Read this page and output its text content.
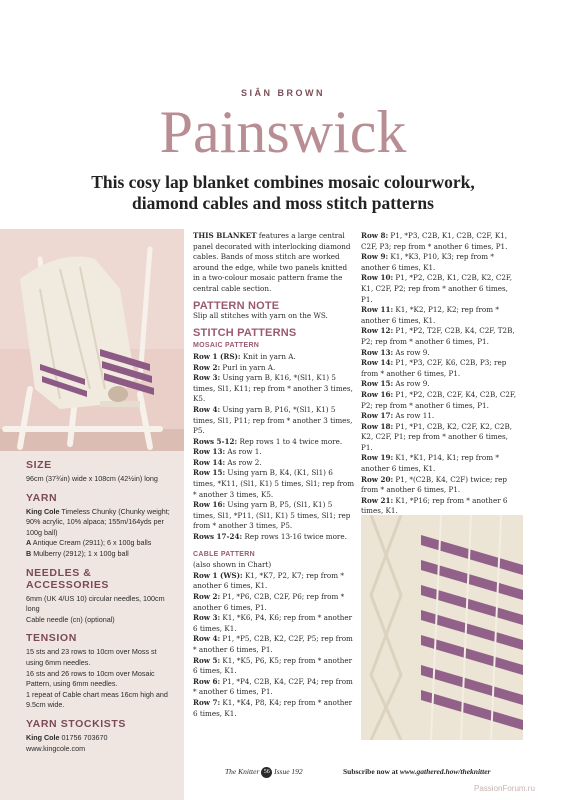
SIÂN BROWN
Painswick
This cosy lap blanket combines mosaic colourwork, diamond cables and moss stitch patterns
SIZE
96cm (37¾in) wide x 108cm (42½in) long
YARN
King Cole Timeless Chunky (Chunky weight; 90% acrylic, 10% alpaca; 155m/164yds per 100g ball)
A Antique Cream (2911); 6 x 100g balls
B Mulberry (2912); 1 x 100g ball
NEEDLES & ACCESSORIES
6mm (UK 4/US 10) circular needles, 100cm long
Cable needle (cn) (optional)
TENSION
15 sts and 23 rows to 10cm over Moss st using 6mm needles.
16 sts and 26 rows to 10cm over Mosaic Pattern, using 6mm needles.
1 repeat of Cable chart meas 16cm high and 9.5cm wide.
YARN STOCKISTS
King Cole 01756 703670
www.kingcole.com

THIS BLANKET features a large central panel decorated with interlocking diamond cables. Bands of moss stitch are worked around the edge, while two panels knitted in a two-colour mosaic pattern frame the central cable section.

PATTERN NOTE

Slip all stitches with yarn on the WS.

STITCH PATTERNS
MOSAIC PATTERN

Row 1 (RS): Knit in yarn A.

Row 2: Purl in yarn A.

Row 3: Using yarn B, K16, *(Sl1, K1) 5 times, Sl1, K11; rep from * another 3 times, K5.

Row 4: Using yarn B, P16, *(Sl1, K1) 5 times, Sl1, P11; rep from * another 3 times, P5.

Rows 5-12: Rep rows 1 to 4 twice more.

Row 13: As row 1.

Row 14: As row 2.

Row 15: Using yarn B, K4, (K1, Sl1) 6 times, *K11, (Sl1, K1) 5 times, Sl1; rep from * another 3 times, K5.

Row 16: Using yarn B, P5, (Sl1, K1) 5 times, Sl1, *P11, (Sl1, K1) 5 times, Sl1; rep from * another 3 times, P5.

Rows 17-24: Rep rows 13-16 twice more.

CABLE PATTERN

(also shown in Chart)

Row 1 (WS): K1, *K7, P2, K7; rep from * another 6 times, K1.

Row 2: P1, *P6, C2B, C2F, P6; rep from * another 6 times, P1.

Row 3: K1, *K6, P4, K6; rep from * another 6 times, K1.

Row 4: P1, *P5, C2B, K2, C2F, P5; rep from * another 6 times, P1.

Row 5: K1, *K5, P6, K5; rep from * another 6 times, K1.

Row 6: P1, *P4, C2B, K4, C2F, P4; rep from * another 6 times, P1.

Row 7: K1, *K4, P8, K4; rep from * another 6 times, K1.

Row 8: P1, *P3, C2B, K1, C2B, C2F, K1, C2F, P3; rep from * another 6 times, P1.

Row 9: K1, *K3, P10, K3; rep from * another 6 times, K1.

Row 10: P1, *P2, C2B, K1, C2B, K2, C2F, K1, C2F, P2; rep from * another 6 times, P1.

Row 11: K1, *K2, P12, K2; rep from * another 6 times, K1.

Row 12: P1, *P2, T2F, C2B, K4, C2F, T2B, P2; rep from * another 6 times, P1.

Row 13: As row 9.

Row 14: P1, *P3, C2F, K6, C2B, P3; rep from * another 6 times, P1.

Row 15: As row 9.

Row 16: P1, *P2, C2B, C2F, K4, C2B, C2F, P2; rep from * another 6 times, P1.

Row 17: As row 11.

Row 18: P1, *P1, C2B, K2, C2F, K2, C2B, K2, C2F, P1; rep from * another 6 times, P1.

Row 19: K1, *K1, P14, K1; rep from * another 6 times, K1.

Row 20: P1, *(C2B, K4, C2F) twice; rep from * another 6 times, P1.

Row 21: K1, *P16; rep from * another 6 times, K1.

The Knitter 56 Issue 192	Subscribe now at www.gathered.how/theknitter
PassionForum.ru
